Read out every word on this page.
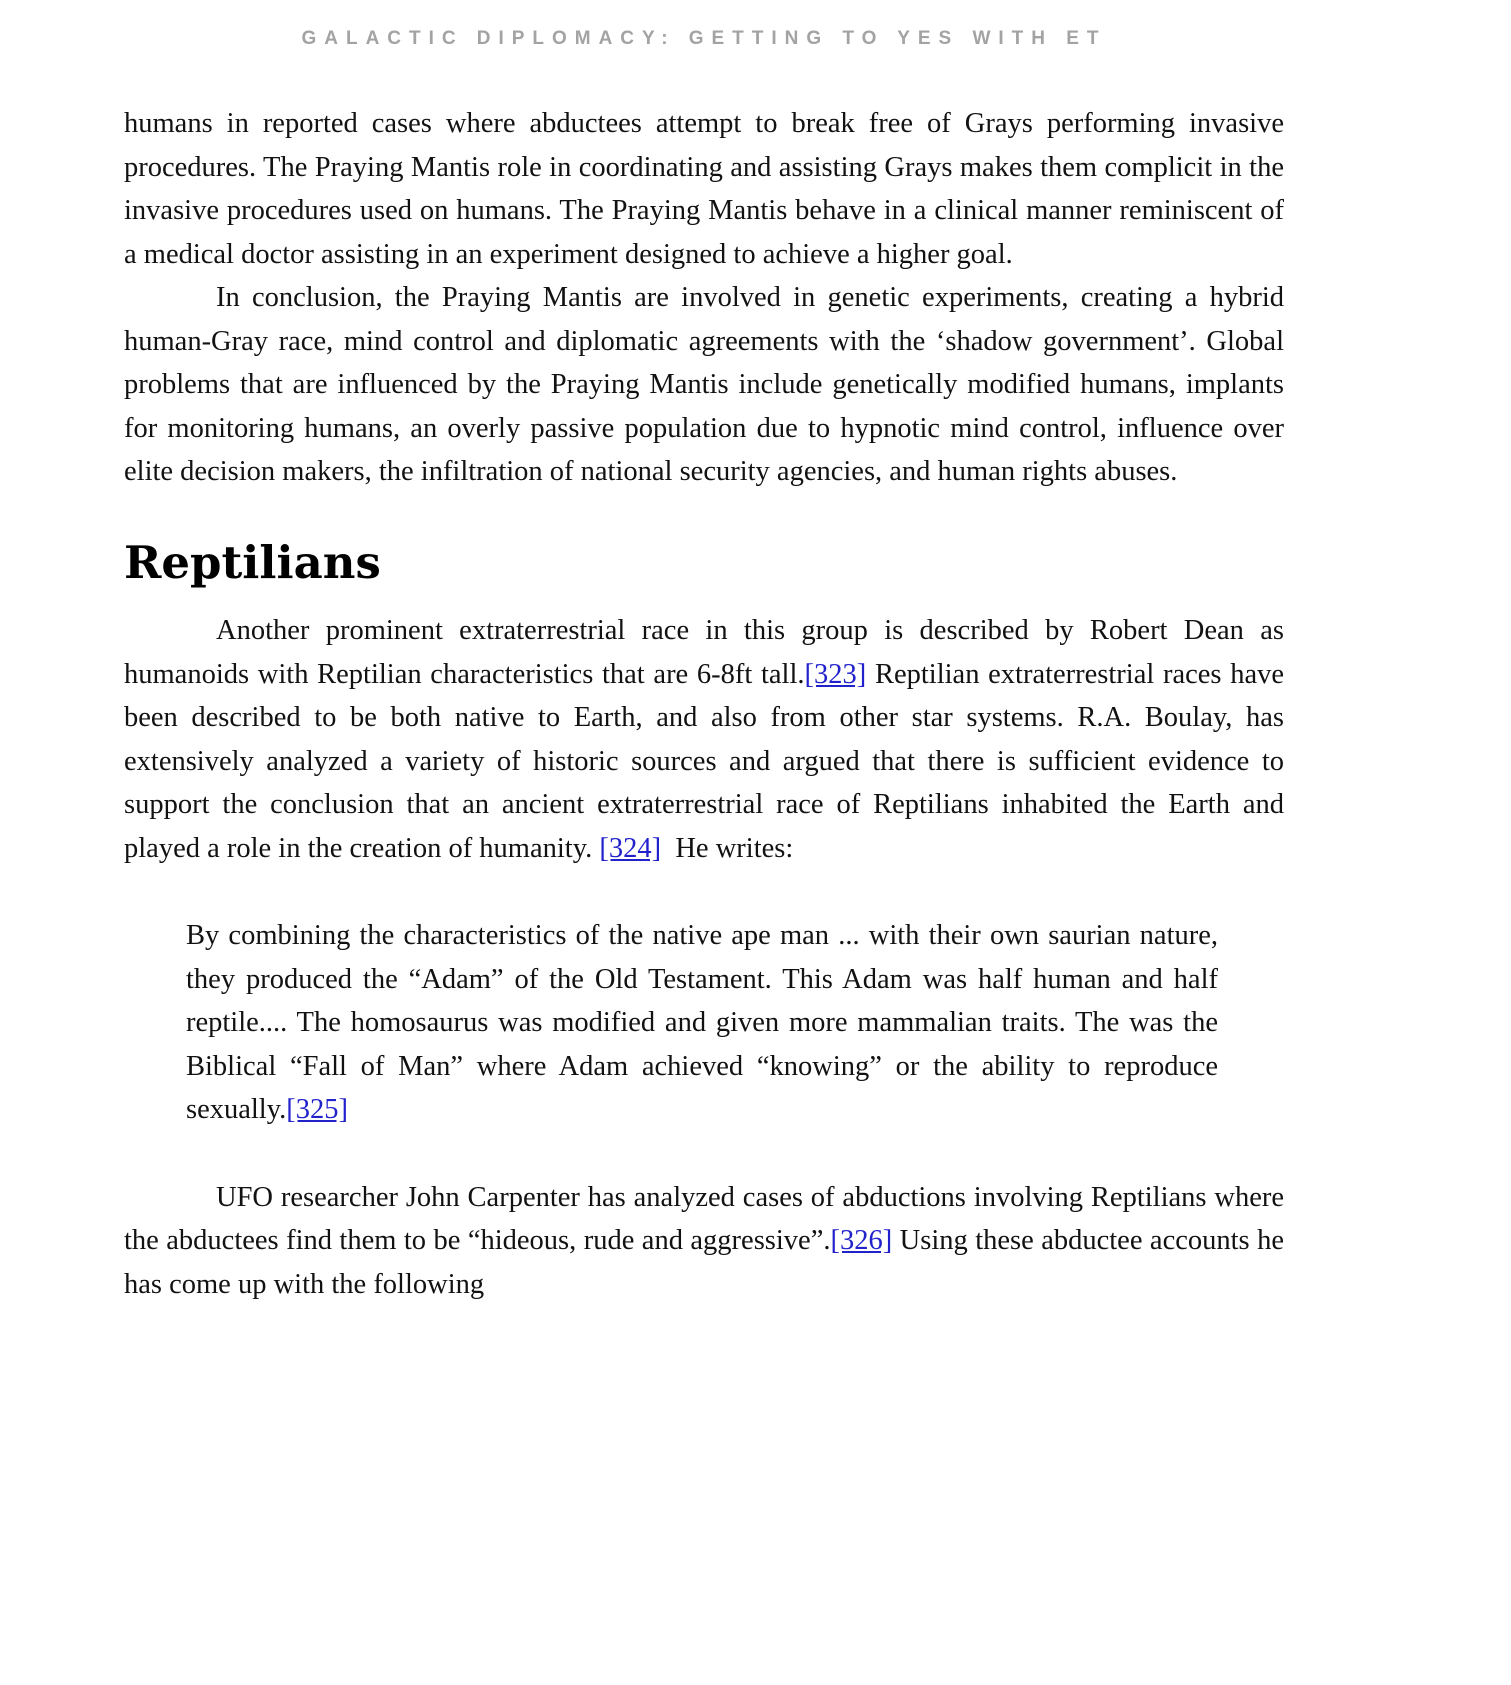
GALACTIC DIPLOMACY: GETTING TO YES WITH ET

humans in reported cases where abductees attempt to break free of Grays performing invasive procedures. The Praying Mantis role in coordinating and assisting Grays makes them complicit in the invasive procedures used on humans. The Praying Mantis behave in a clinical manner reminiscent of a medical doctor assisting in an experiment designed to achieve a higher goal.

In conclusion, the Praying Mantis are involved in genetic experiments, creating a hybrid human-Gray race, mind control and diplomatic agreements with the ‘shadow government’. Global problems that are influenced by the Praying Mantis include genetically modified humans, implants for monitoring humans, an overly passive population due to hypnotic mind control, influence over elite decision makers, the infiltration of national security agencies, and human rights abuses.

Reptilians

Another prominent extraterrestrial race in this group is described by Robert Dean as humanoids with Reptilian characteristics that are 6-8ft tall.[323] Reptilian extraterrestrial races have been described to be both native to Earth, and also from other star systems. R.A. Boulay, has extensively analyzed a variety of historic sources and argued that there is sufficient evidence to support the conclusion that an ancient extraterrestrial race of Reptilians inhabited the Earth and played a role in the creation of humanity. [324]  He writes:

By combining the characteristics of the native ape man ... with their own saurian nature, they produced the “Adam” of the Old Testament. This Adam was half human and half reptile.... The homosaurus was modified and given more mammalian traits. The was the Biblical “Fall of Man” where Adam achieved “knowing” or the ability to reproduce sexually.[325]

UFO researcher John Carpenter has analyzed cases of abductions involving Reptilians where the abductees find them to be “hideous, rude and aggressive”.[326] Using these abductee accounts he has come up with the following
